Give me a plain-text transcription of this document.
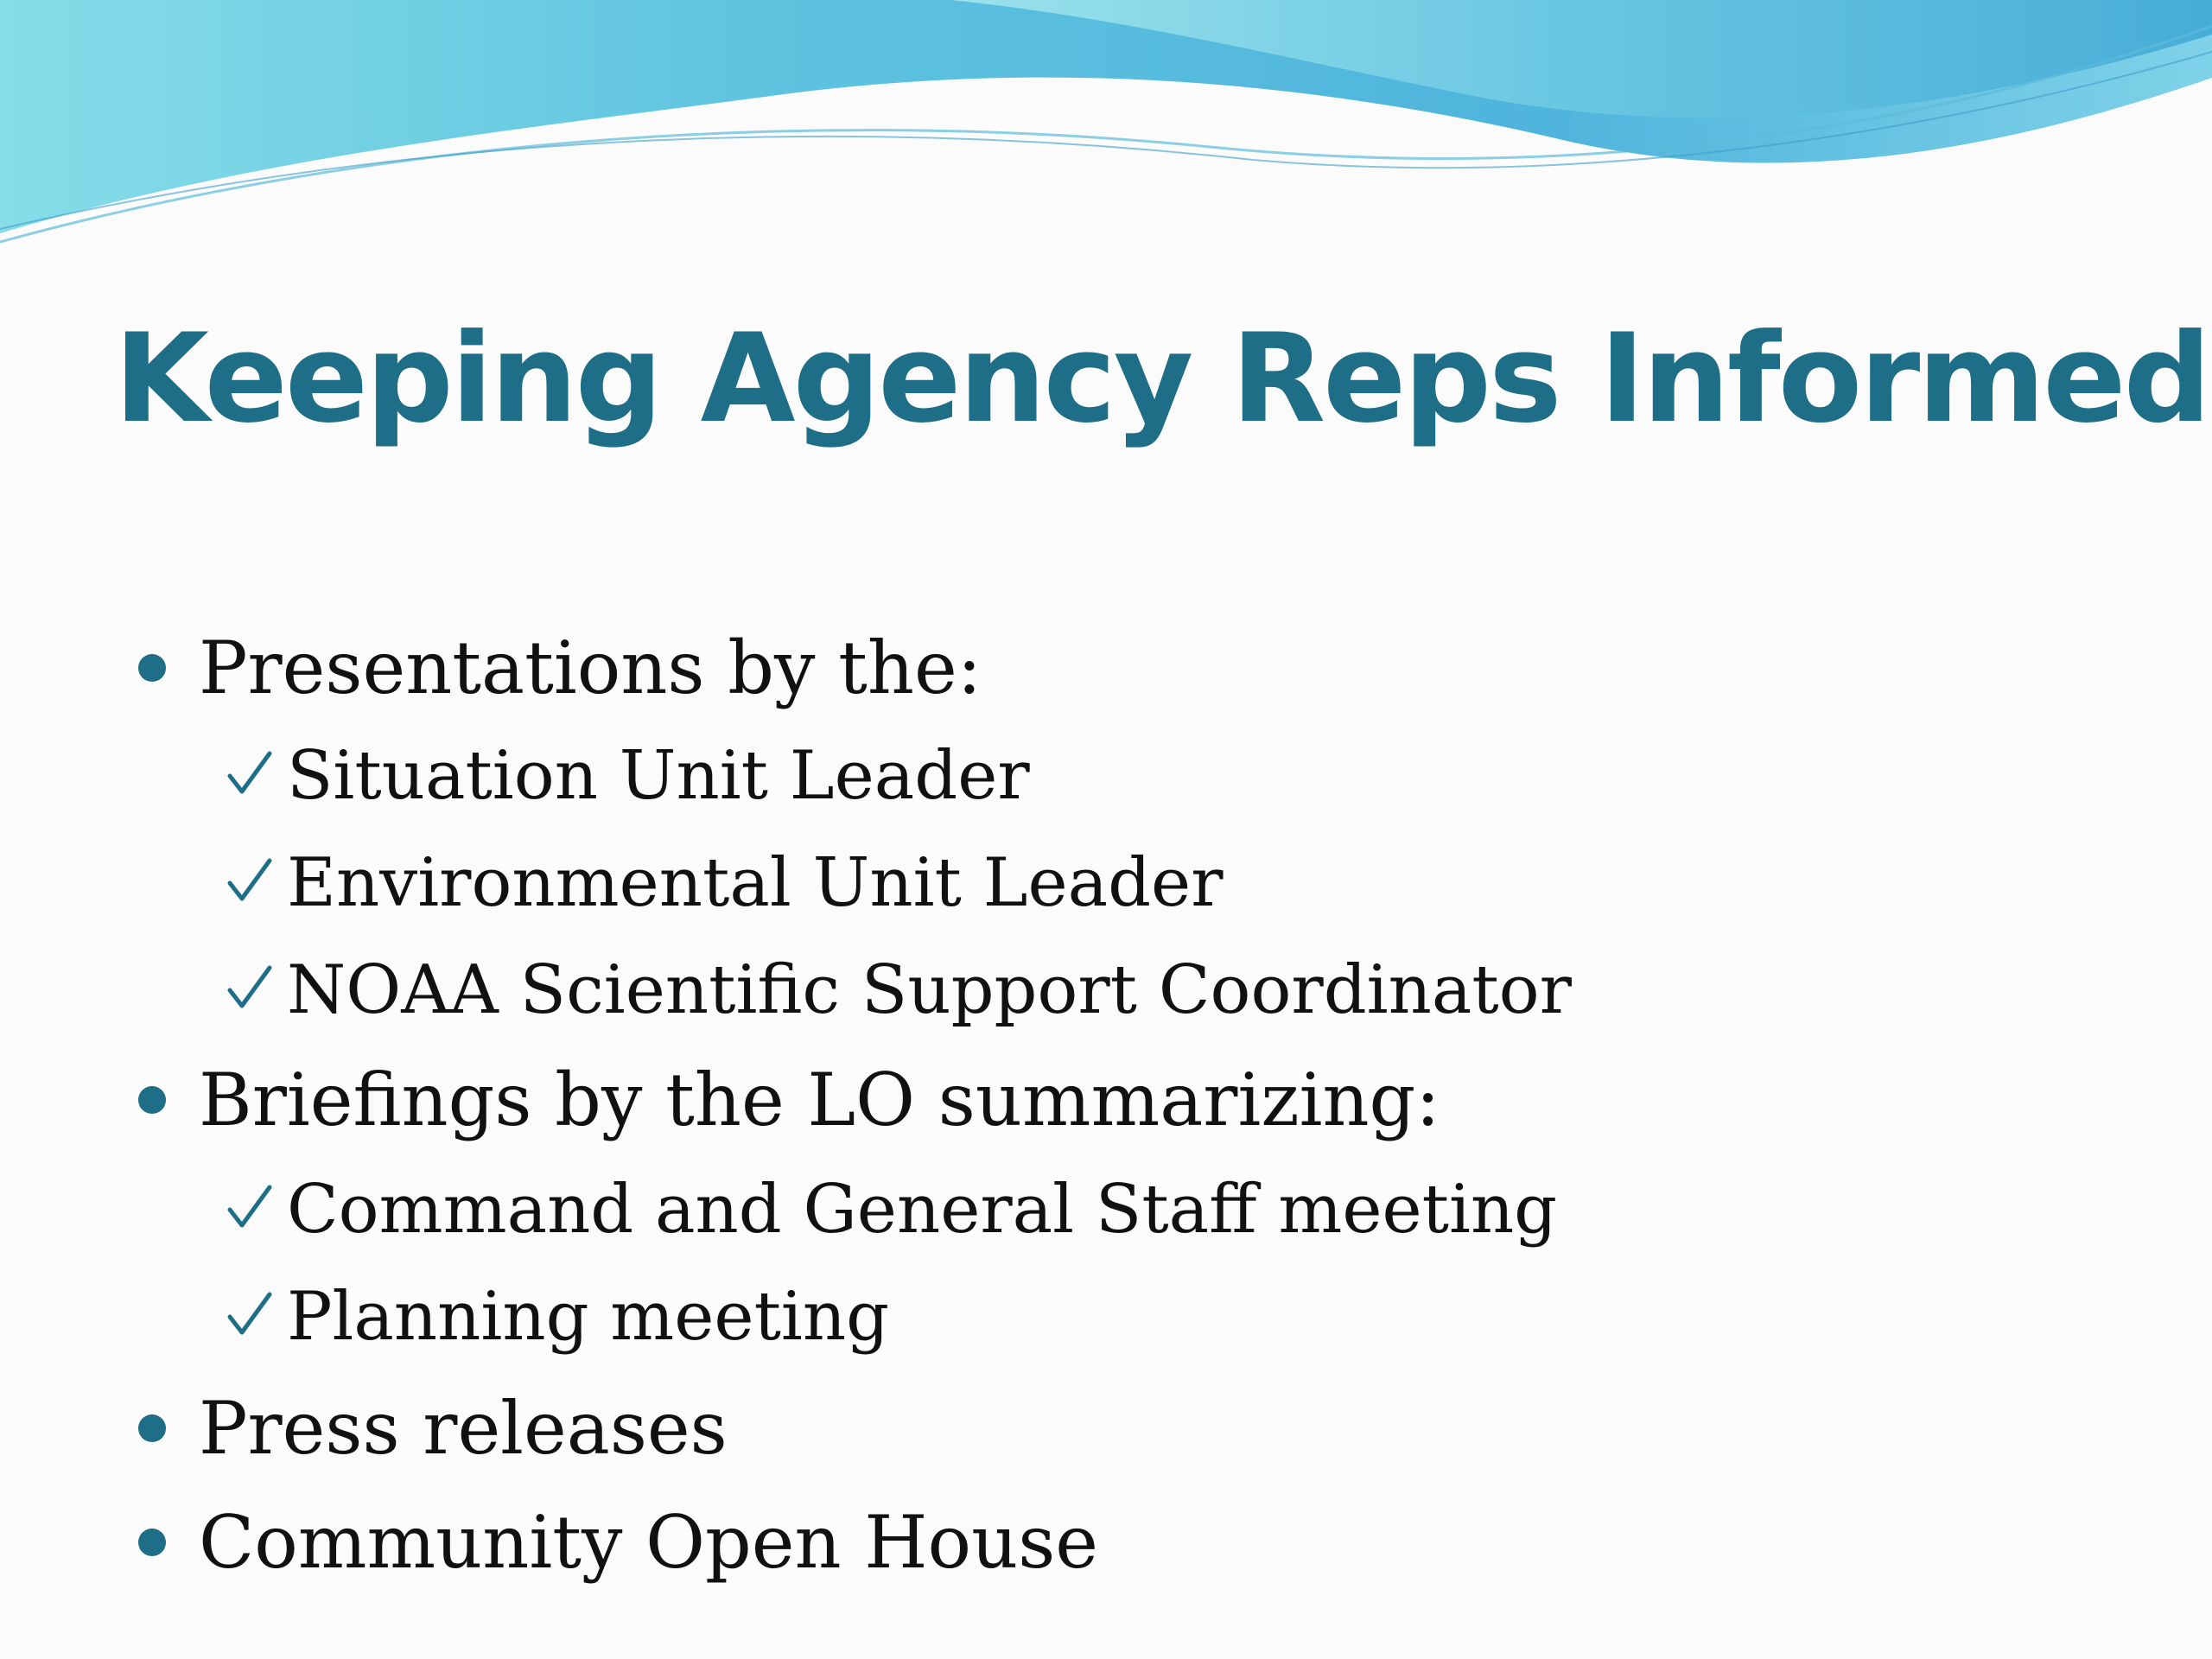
Keeping Agency Reps Informed
Presentations by the:
Situation Unit Leader
Environmental Unit Leader
NOAA Scientific Support Coordinator
Briefings by the LO summarizing:
Command and General Staff meeting
Planning meeting
Press releases
Community Open House
